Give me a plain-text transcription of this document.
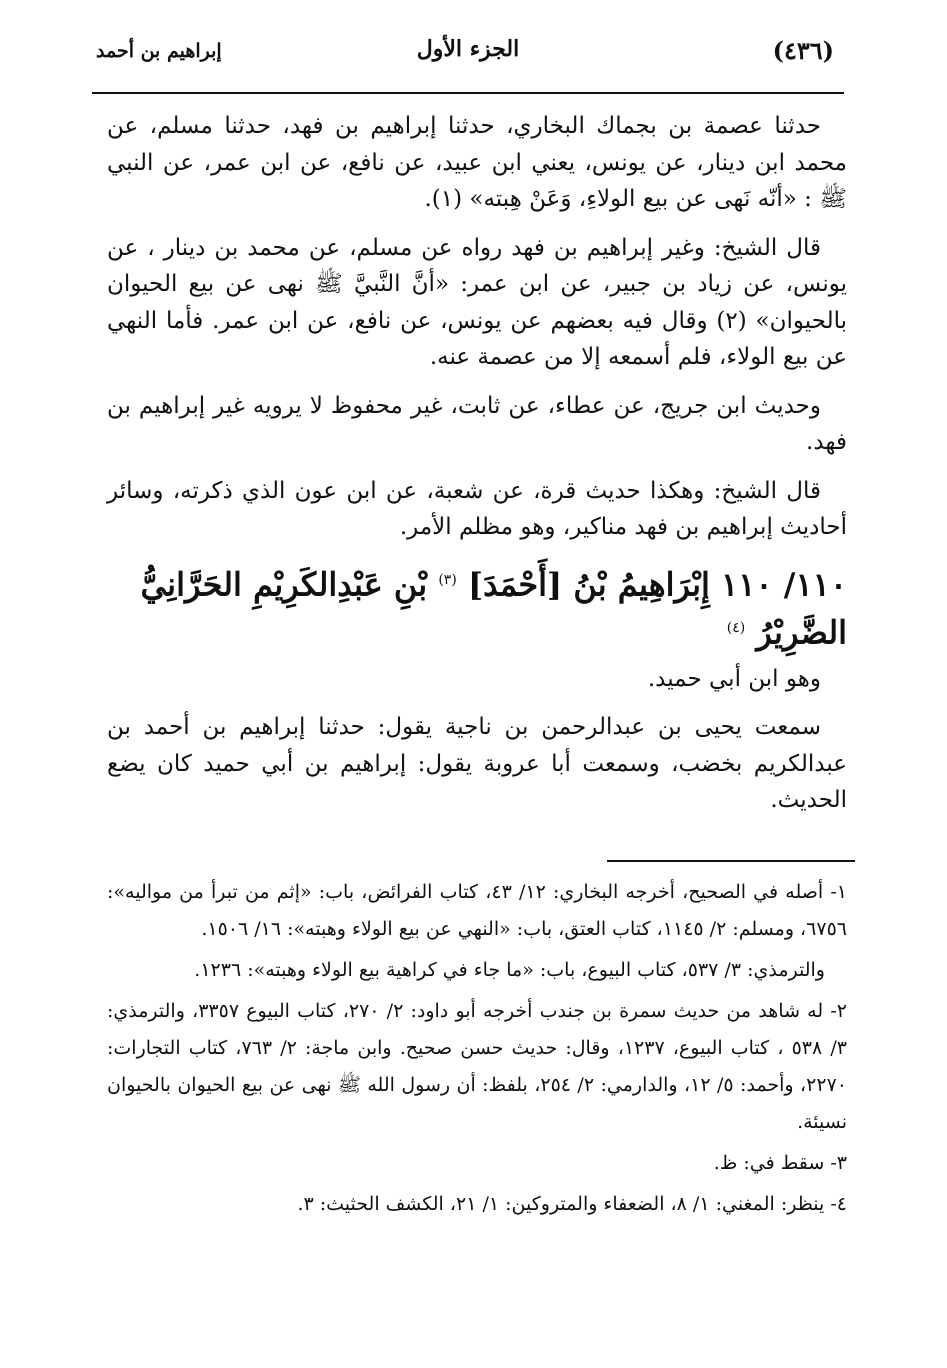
(٤٣٦)
الجزء الأول
إبراهيم بن أحمد

حدثنا عصمة بن بجماك البخاري، حدثنا إبراهيم بن فهد، حدثنا مسلم، عن محمد ابن دينار، عن يونس، يعني ابن عبيد، عن نافع، عن ابن عمر، عن النبي ﷺ : «أنّه نَهى عن بيع الولاءِ، وَعَنْ هِبته» (١).

قال الشيخ: وغير إبراهيم بن فهد رواه عن مسلم، عن محمد بن دينار ، عن يونس، عن زياد بن جبير، عن ابن عمر: «أنَّ النَّبيَّ ﷺ نهى عن بيع الحيوان بالحيوان» (٢) وقال فيه بعضهم عن يونس، عن نافع، عن ابن عمر. فأما النهي عن بيع الولاء، فلم أسمعه إلا من عصمة عنه.

وحديث ابن جريج، عن عطاء، عن ثابت، غير محفوظ لا يرويه غير إبراهيم بن فهد.

قال الشيخ: وهكذا حديث قرة، عن شعبة، عن ابن عون الذي ذكرته، وسائر أحاديث إبراهيم بن فهد مناكير، وهو مظلم الأمر.

١١٠/ ١١٠ إِبْرَاهِيمُ بْنُ [أَحْمَدَ] $^{(٣)}$ بْنِ عَبْدِالكَرِيْمِ الحَرَّانِيُّ الضَّرِيْرُ $^{(٤)}$

وهو ابن أبي حميد.

سمعت يحيى بن عبدالرحمن بن ناجية يقول: حدثنا إبراهيم بن أحمد بن عبدالكريم بخضب، وسمعت أبا عروبة يقول: إبراهيم بن أبي حميد كان يضع الحديث.

١- أصله في الصحيح، أخرجه البخاري: ١٢/ ٤٣، كتاب الفرائض، باب: «إثم من تبرأ من مواليه»: ٦٧٥٦، ومسلم: ٢/ ١١٤٥، كتاب العتق، باب: «النهي عن بيع الولاء وهبته»: ١٦/ ١٥٠٦.

والترمذي: ٣/ ٥٣٧، كتاب البيوع، باب: «ما جاء في كراهية بيع الولاء وهبته»: ١٢٣٦.

٢- له شاهد من حديث سمرة بن جندب أخرجه أبو داود: ٢/ ٢٧٠، كتاب البيوع ٣٣٥٧، والترمذي: ٣/ ٥٣٨ ، كتاب البيوع، ١٢٣٧، وقال: حديث حسن صحيح. وابن ماجة: ٢/ ٧٦٣، كتاب التجارات: ٢٢٧٠، وأحمد: ٥/ ١٢، والدارمي: ٢/ ٢٥٤، بلفظ: أن رسول الله ﷺ نهى عن بيع الحيوان بالحيوان نسيئة.

٣- سقط في: ظ.

٤- ينظر: المغني: ١/ ٨، الضعفاء والمتروكين: ١/ ٢١، الكشف الحثيث: ٣.
